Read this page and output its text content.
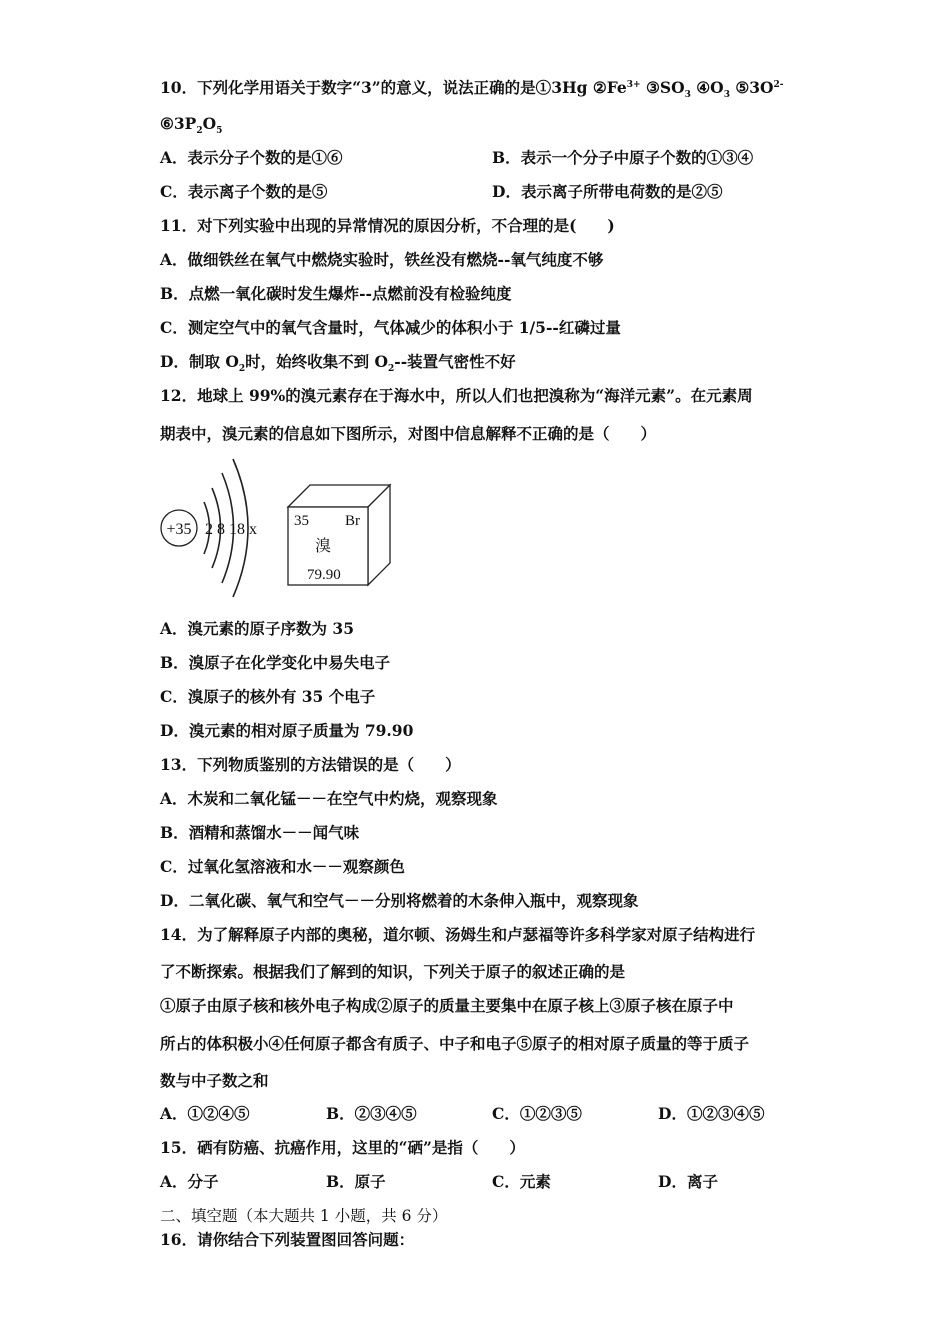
10．下列化学用语关于数字“3”的意义，说法正确的是①3Hg $②Fe^{3+}$ $③SO_3$ $④O_3$ $⑤3O^{2-}$
$⑥3P_2O_5$
A．表示分子个数的是①⑥	B．表示一个分子中原子个数的①③④
C．表示离子个数的是⑤	D．表示离子所带电荷数的是②⑤
11．对下列实验中出现的异常情况的原因分析，不合理的是(　　)
A．做细铁丝在氧气中燃烧实验时，铁丝没有燃烧--氧气纯度不够
B．点燃一氧化碳时发生爆炸--点燃前没有检验纯度
C．测定空气中的氧气含量时，气体减少的体积小于 1/5--红磷过量
D．制取 $O_2$时，始终收集不到 $O_2--$装置气密性不好
12．地球上 99%的溴元素存在于海水中，所以人们也把溴称为“海洋元素”。在元素周
期表中，溴元素的信息如下图所示，对图中信息解释不正确的是（　　）
+35 2 8 18 x 35 Br
溴
79.90
A．溴元素的原子序数为 35
B．溴原子在化学变化中易失电子
C．溴原子的核外有 35 个电子
D．溴元素的相对原子质量为 79.90
13．下列物质鉴别的方法错误的是（　　）
A．木炭和二氧化锰－－在空气中灼烧，观察现象
B．酒精和蒸馏水－－闻气味
C．过氧化氢溶液和水－－观察颜色
D．二氧化碳、氧气和空气－－分别将燃着的木条伸入瓶中，观察现象
14．为了解释原子内部的奥秘，道尔顿、汤姆生和卢瑟福等许多科学家对原子结构进行
了不断探索。根据我们了解到的知识，下列关于原子的叙述正确的是
①原子由原子核和核外电子构成②原子的质量主要集中在原子核上③原子核在原子中
所占的体积极小④任何原子都含有质子、中子和电子⑤原子的相对原子质量的等于质子
数与中子数之和
A．①②④⑤	B．②③④⑤	C．①②③⑤	D．①②③④⑤
15．硒有防癌、抗癌作用，这里的“硒”是指（　　）
A．分子	B．原子	C．元素	D．离子
二、填空题（本大题共 1 小题，共 6 分）
16．请你结合下列装置图回答问题：
